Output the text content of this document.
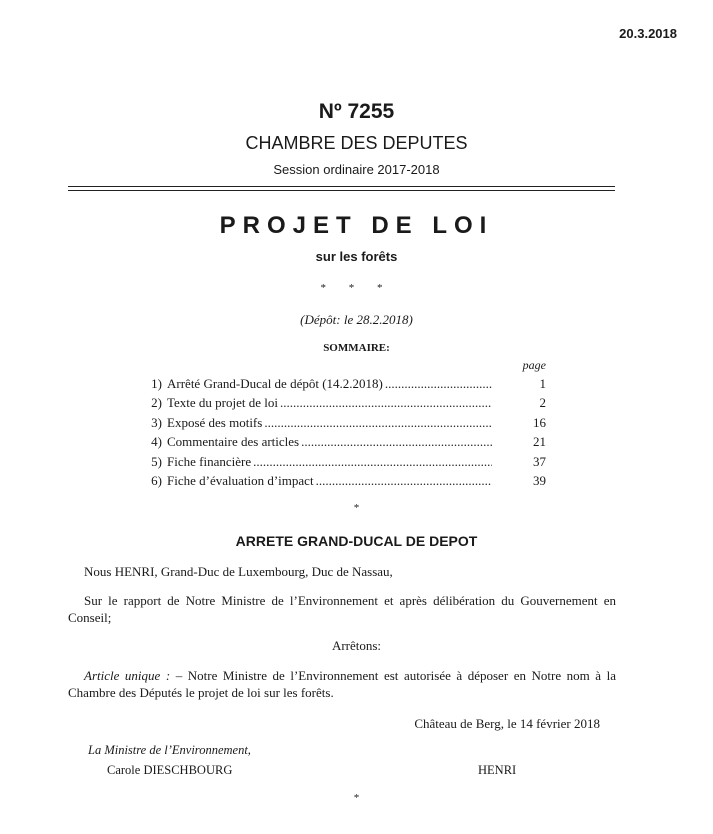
20.3.2018
Nº 7255
CHAMBRE DES DEPUTES
Session ordinaire 2017-2018
PROJET DE LOI
sur les forêts
* * *
(Dépôt: le 28.2.2018)
SOMMAIRE:
page
1) Arrêté Grand-Ducal de dépôt (14.2.2018) .....	1
2) Texte du projet de loi .....	2
3) Exposé des motifs .....	16
4) Commentaire des articles .....	21
5) Fiche financière .....	37
6) Fiche d’évaluation d’impact .....	39
*
ARRETE GRAND-DUCAL DE DEPOT
Nous HENRI, Grand-Duc de Luxembourg, Duc de Nassau,
Sur le rapport de Notre Ministre de l’Environnement et après délibération du Gouvernement en Conseil;
Arrêtons:
Article unique : – Notre Ministre de l’Environnement est autorisée à déposer en Notre nom à la Chambre des Députés le projet de loi sur les forêts.
Château de Berg, le 14 février 2018
La Ministre de l’Environnement,
Carole DIESCHBOURG	HENRI
*
